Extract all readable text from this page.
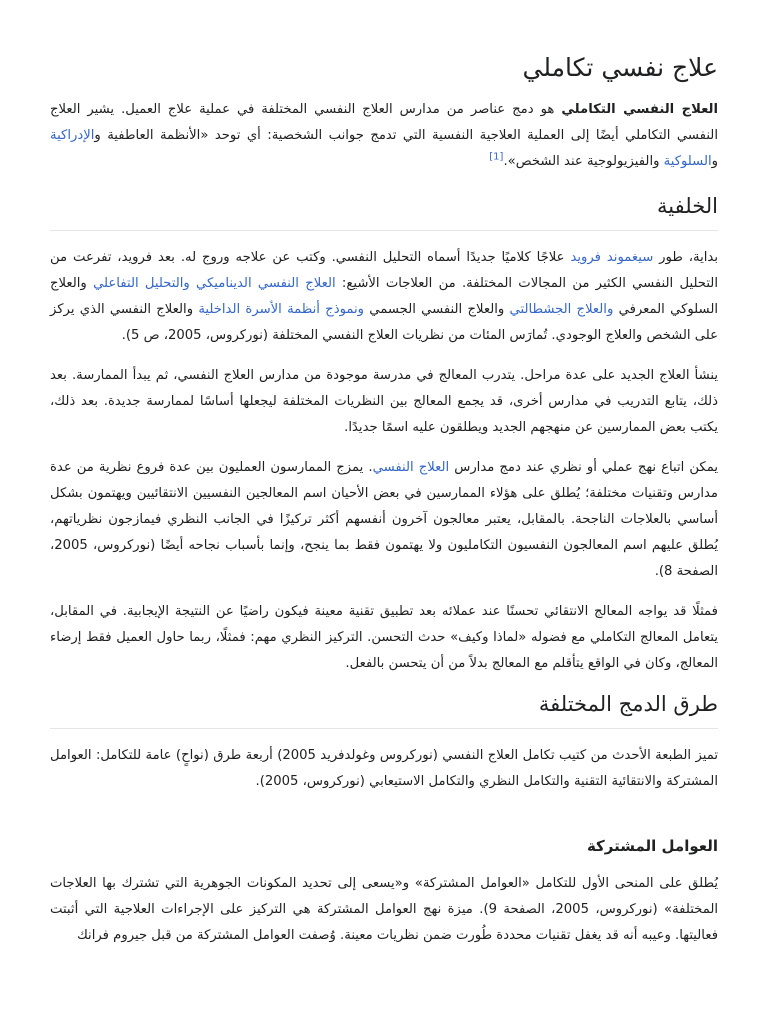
علاج نفسي تكاملي

العلاج النفسي التكاملي هو دمج عناصر من مدارس العلاج النفسي المختلفة في عملية علاج العميل. يشير العلاج النفسي التكاملي أيضًا إلى العملية العلاجية النفسية التي تدمج جوانب الشخصية: أي توحد «الأنظمة العاطفية والإدراكية والسلوكية والفيزيولوجية عند الشخص».[1]

الخلفية

بداية، طور سيغموند فرويد علاجًا كلاميًا جديدًا أسماه التحليل النفسي. وكتب عن علاجه وروج له. بعد فرويد، تفرعت من التحليل النفسي الكثير من المجالات المختلفة. من العلاجات الأشيع: العلاج النفسي الديناميكي والتحليل التفاعلي والعلاج السلوكي المعرفي والعلاج الجشطالتي والعلاج النفسي الجسمي ونموذج أنظمة الأسرة الداخلية والعلاج النفسي الذي يركز على الشخص والعلاج الوجودي. تُمارَس المئات من نظريات العلاج النفسي المختلفة (نوركروس، 2005، ص 5).

ينشأ العلاج الجديد على عدة مراحل. يتدرب المعالج في مدرسة موجودة من مدارس العلاج النفسي، ثم يبدأ الممارسة. بعد ذلك، يتابع التدريب في مدارس أخرى، قد يجمع المعالج بين النظريات المختلفة ليجعلها أساسًا لممارسة جديدة. بعد ذلك، يكتب بعض الممارسين عن منهجهم الجديد ويطلقون عليه اسمًا جديدًا.

يمكن اتباع نهج عملي أو نظري عند دمج مدارس العلاج النفسي. يمزج الممارسون العمليون بين عدة فروع نظرية من عدة مدارس وتقنيات مختلفة؛ يُطلق على هؤلاء الممارسين في بعض الأحيان اسم المعالجين النفسيين الانتقائيين ويهتمون بشكل أساسي بالعلاجات الناجحة. بالمقابل، يعتبر معالجون آخرون أنفسهم أكثر تركيزًا في الجانب النظري فيمازجون نظرياتهم، يُطلق عليهم اسم المعالجون النفسيون التكامليون ولا يهتمون فقط بما ينجح، وإنما بأسباب نجاحه أيضًا (نوركروس، 2005، الصفحة 8).

فمثلًا قد يواجه المعالج الانتقائي تحسنًا عند عملائه بعد تطبيق تقنية معينة فيكون راضيًا عن النتيجة الإيجابية. في المقابل، يتعامل المعالج التكاملي مع فضوله «لماذا وكيف» حدث التحسن. التركيز النظري مهم: فمثلًا، ربما حاول العميل فقط إرضاء المعالج، وكان في الواقع يتأقلم مع المعالج بدلاً من أن يتحسن بالفعل.

طرق الدمج المختلفة

تميز الطبعة الأحدث من كتيب تكامل العلاج النفسي (نوركروس وغولدفريد 2005) أربعة طرق (نواحٍ) عامة للتكامل: العوامل المشتركة والانتقائية التقنية والتكامل النظري والتكامل الاستيعابي (نوركروس، 2005).

العوامل المشتركة

يُطلق على المنحى الأول للتكامل «العوامل المشتركة» و«يسعى إلى تحديد المكونات الجوهرية التي تشترك بها العلاجات المختلفة» (نوركروس، 2005، الصفحة 9). ميزة نهج العوامل المشتركة هي التركيز على الإجراءات العلاجية التي أثبتت فعاليتها. وعيبه أنه قد يغفل تقنيات محددة طُورت ضمن نظريات معينة. وُصفت العوامل المشتركة من قبل جيروم فرانك
